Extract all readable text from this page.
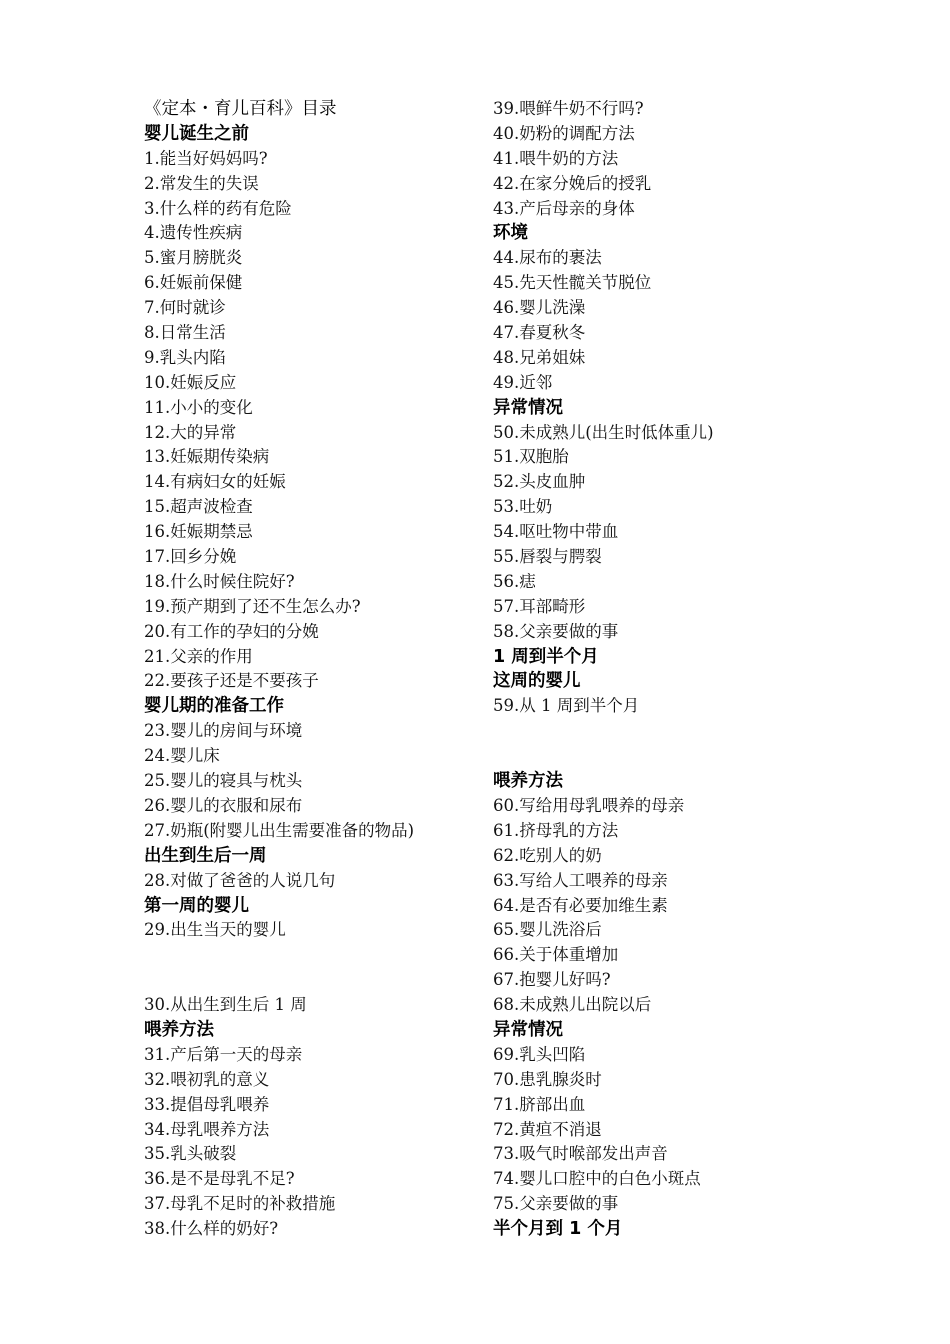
《定本・育儿百科》目录
婴儿诞生之前
1.能当好妈妈吗?
2.常发生的失误
3.什么样的药有危险
4.遗传性疾病
5.蜜月膀胱炎
6.妊娠前保健
7.何时就诊
8.日常生活
9.乳头内陷
10.妊娠反应
11.小小的变化
12.大的异常
13.妊娠期传染病
14.有病妇女的妊娠
15.超声波检查
16.妊娠期禁忌
17.回乡分娩
18.什么时候住院好?
19.预产期到了还不生怎么办?
20.有工作的孕妇的分娩
21.父亲的作用
22.要孩子还是不要孩子
婴儿期的准备工作
23.婴儿的房间与环境
24.婴儿床
25.婴儿的寝具与枕头
26.婴儿的衣服和尿布
27.奶瓶(附婴儿出生需要准备的物品)
出生到生后一周
28.对做了爸爸的人说几句
第一周的婴儿
29.出生当天的婴儿
30.从出生到生后 1 周
喂养方法
31.产后第一天的母亲
32.喂初乳的意义
33.提倡母乳喂养
34.母乳喂养方法
35.乳头破裂
36.是不是母乳不足?
37.母乳不足时的补救措施
38.什么样的奶好?
39.喂鲜牛奶不行吗?
40.奶粉的调配方法
41.喂牛奶的方法
42.在家分娩后的授乳
43.产后母亲的身体
环境
44.尿布的裹法
45.先天性髋关节脱位
46.婴儿洗澡
47.春夏秋冬
48.兄弟姐妹
49.近邻
异常情况
50.未成熟儿(出生时低体重儿)
51.双胞胎
52.头皮血肿
53.吐奶
54.呕吐物中带血
55.唇裂与腭裂
56.痣
57.耳部畸形
58.父亲要做的事
1 周到半个月
这周的婴儿
59.从 1 周到半个月
喂养方法
60.写给用母乳喂养的母亲
61.挤母乳的方法
62.吃别人的奶
63.写给人工喂养的母亲
64.是否有必要加维生素
65.婴儿洗浴后
66.关于体重增加
67.抱婴儿好吗?
68.未成熟儿出院以后
异常情况
69.乳头凹陷
70.患乳腺炎时
71.脐部出血
72.黄疸不消退
73.吸气时喉部发出声音
74.婴儿口腔中的白色小斑点
75.父亲要做的事
半个月到 1 个月
